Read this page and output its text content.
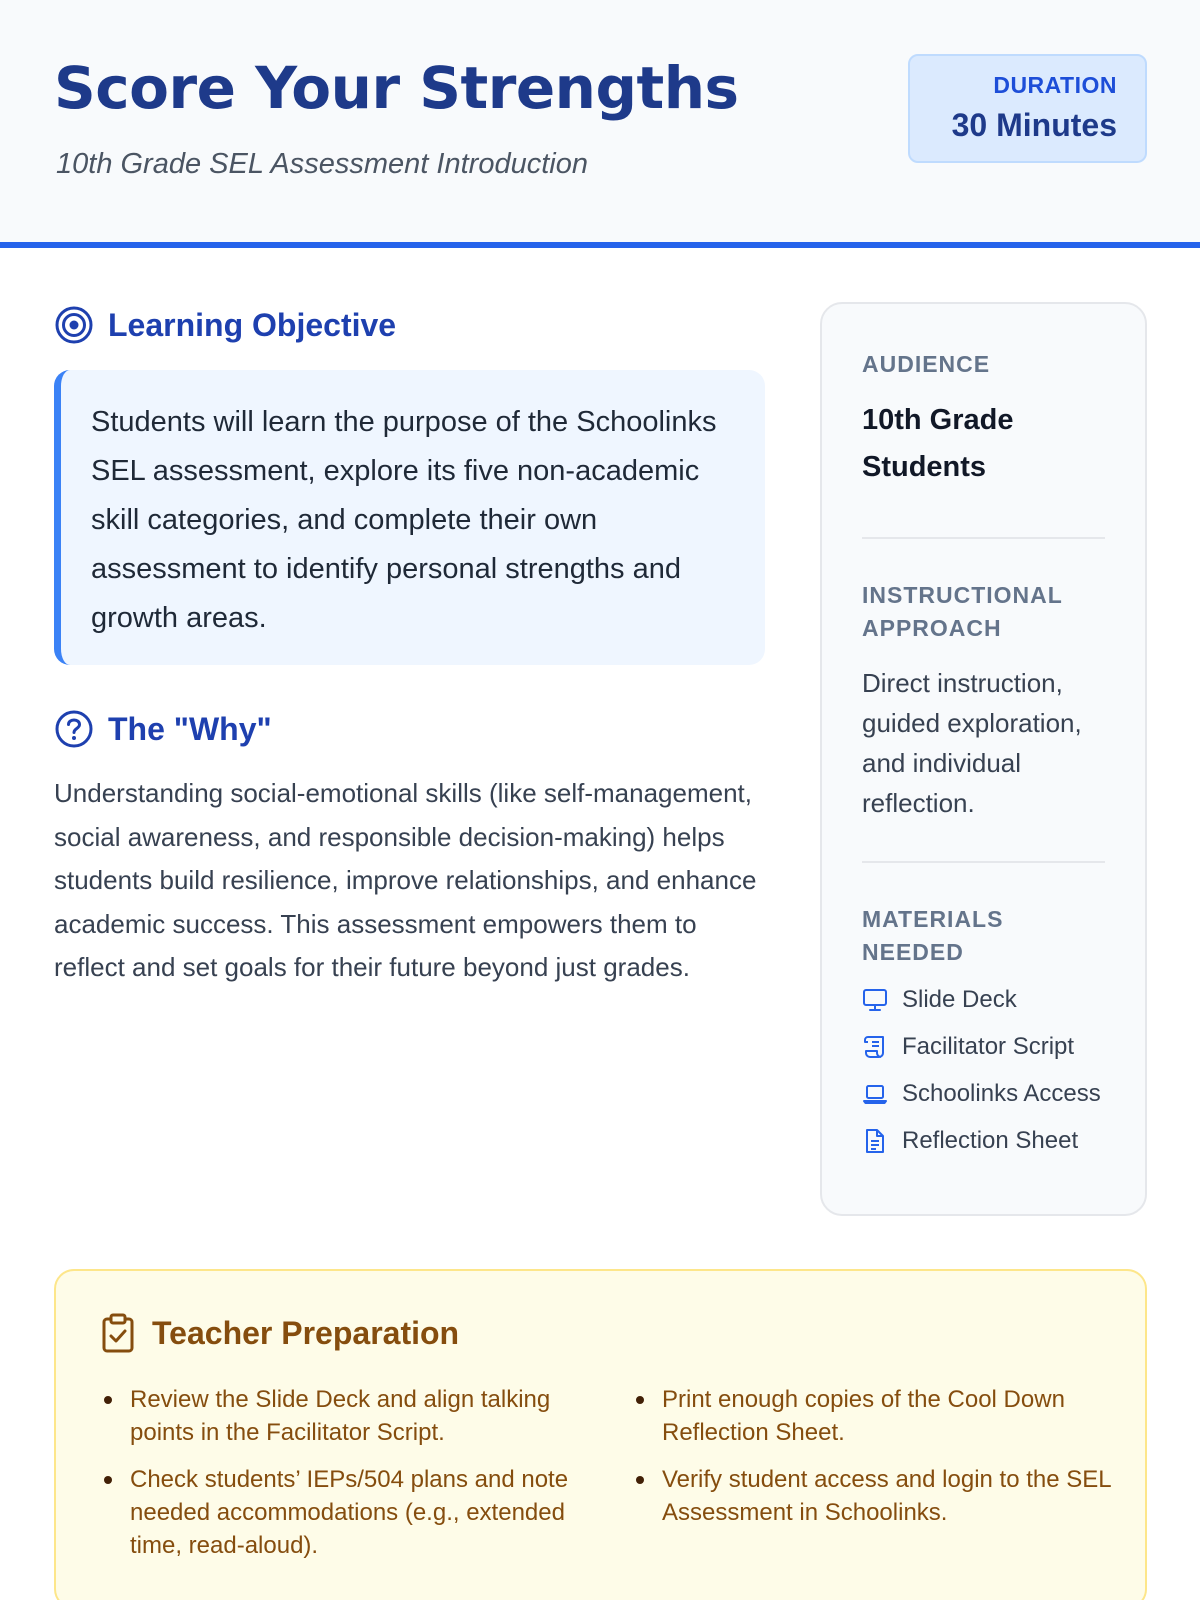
Score Your Strengths
10th Grade SEL Assessment Introduction
DURATION
30 Minutes
Learning Objective

Students will learn the purpose of the Schoolinks SEL assessment, explore its five non-academic skill categories, and complete their own assessment to identify personal strengths and growth areas.

The "Why"

Understanding social-emotional skills (like self-management, social awareness, and responsible decision-making) helps students build resilience, improve relationships, and enhance academic success. This assessment empowers them to reflect and set goals for their future beyond just grades.

AUDIENCE
10th Grade Students
INSTRUCTIONAL APPROACH
Direct instruction, guided exploration, and individual reflection.
MATERIALS NEEDED
Slide Deck
Facilitator Script
Schoolinks Access
Reflection Sheet
Teacher Preparation
Review the Slide Deck and align talking points in the Facilitator Script.
Check students’ IEPs/504 plans and note needed accommodations (e.g., extended time, read-aloud).
Print enough copies of the Cool Down Reflection Sheet.
Verify student access and login to the SEL Assessment in Schoolinks.
